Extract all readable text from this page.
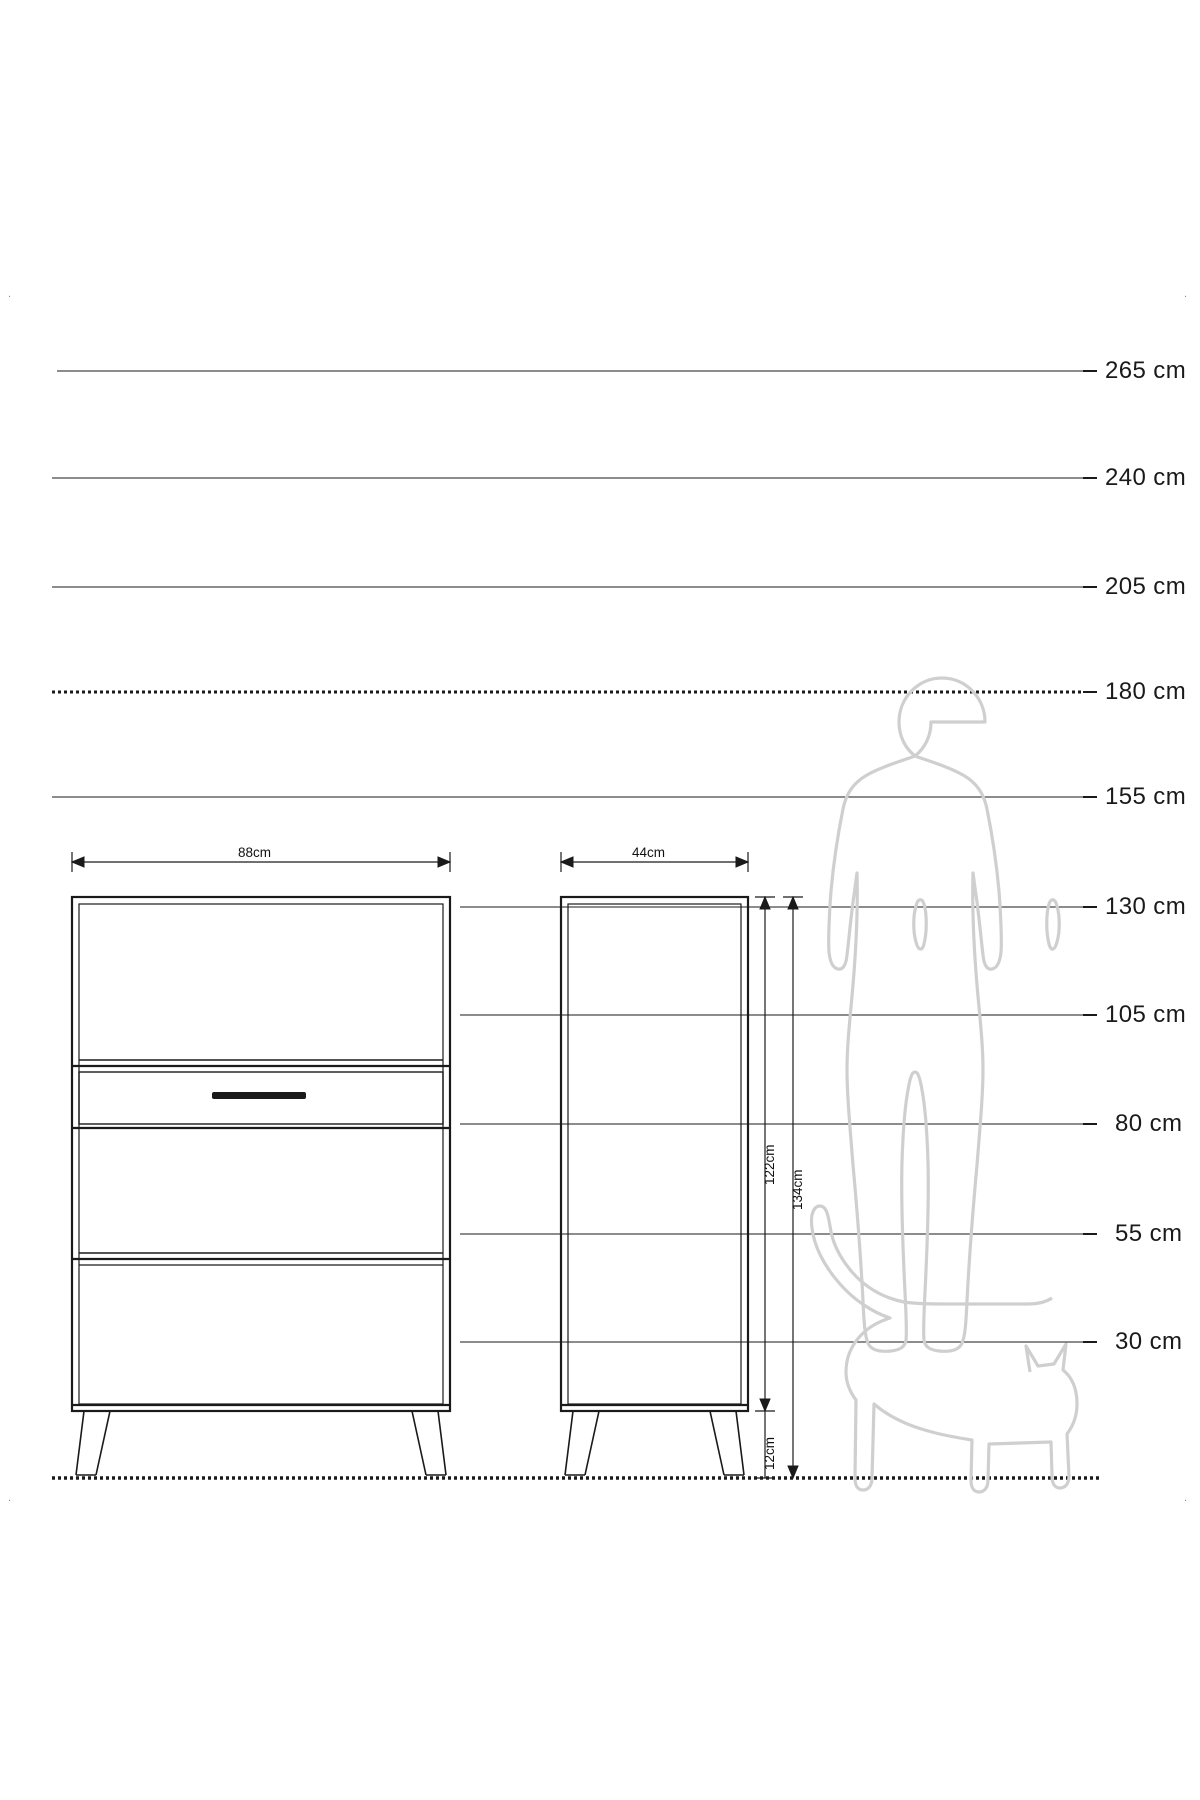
265 cm
240 cm
205 cm
180 cm
155 cm
130 cm
105 cm
80 cm
55 cm
30 cm
88cm	44cm
122cm
134cm
12cm
.	.
.	.
